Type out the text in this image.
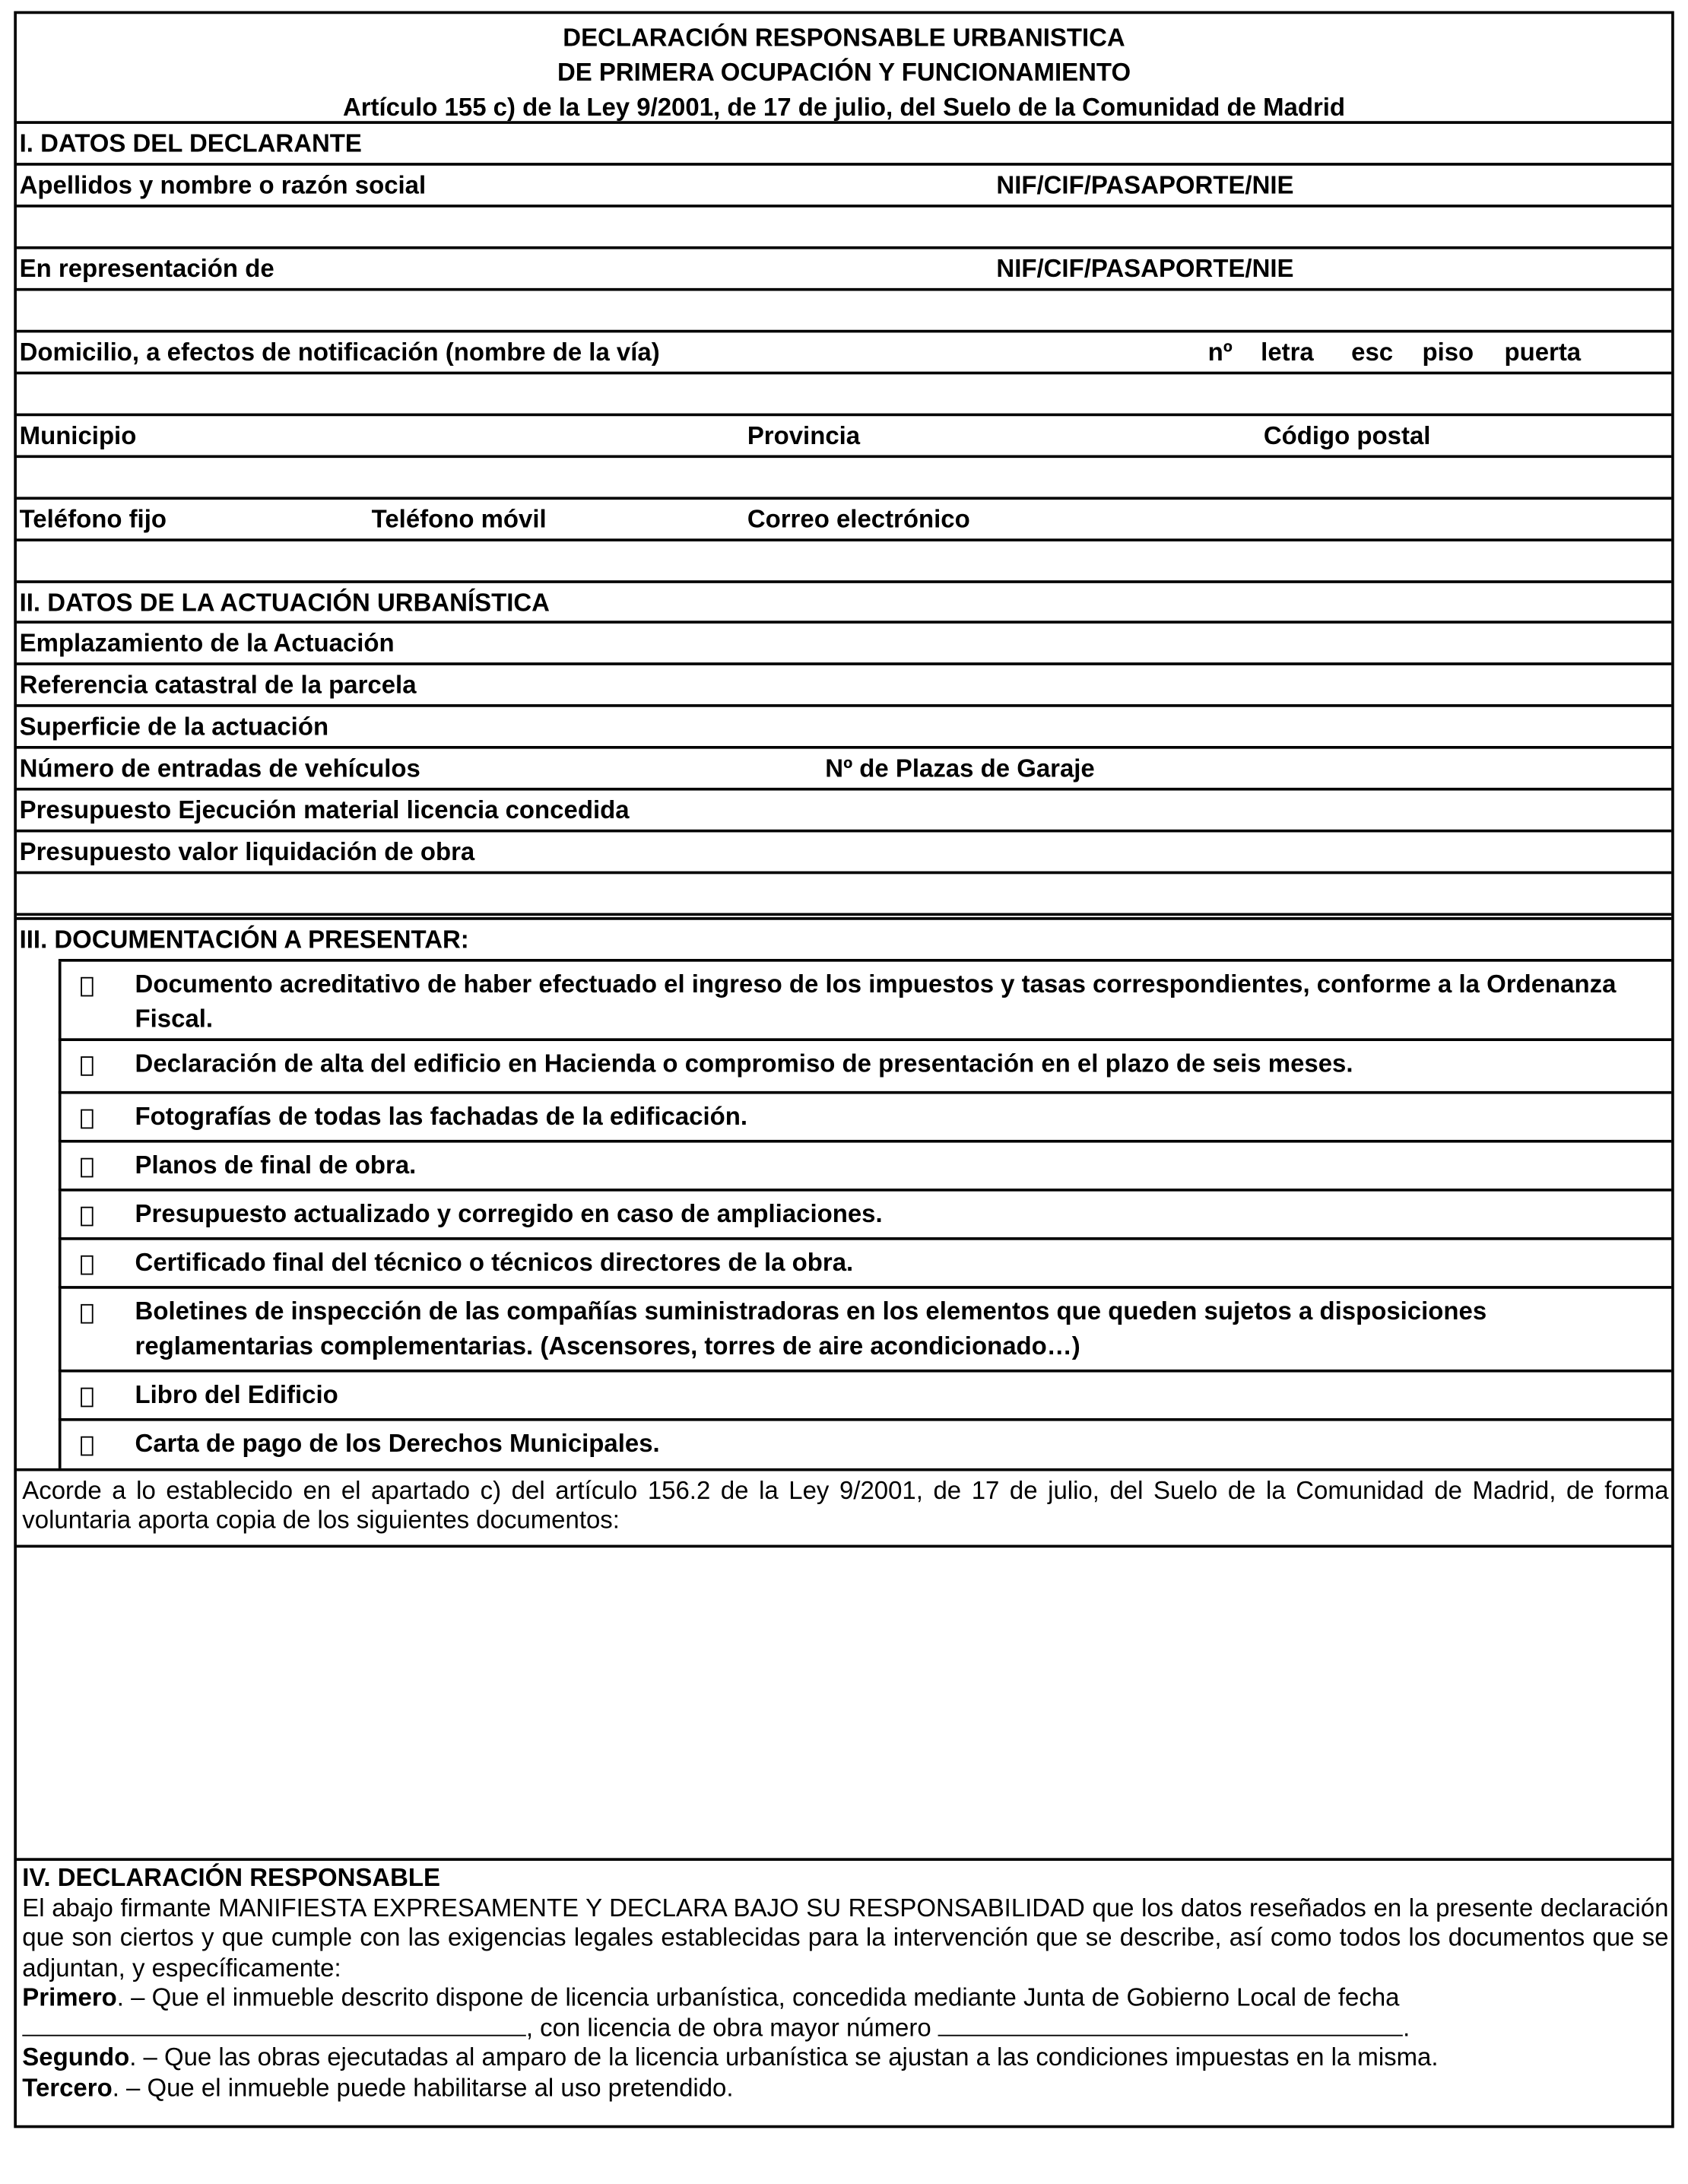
DECLARACIÓN RESPONSABLE URBANISTICA
DE PRIMERA OCUPACIÓN Y FUNCIONAMIENTO
Artículo 155 c) de la Ley 9/2001, de 17 de julio, del Suelo de la Comunidad de Madrid
I. DATOS DEL DECLARANTE
Apellidos y nombre o razón social	NIF/CIF/PASAPORTE/NIE
En representación de	NIF/CIF/PASAPORTE/NIE
Domicilio, a efectos de notificación (nombre de la vía)	nº letra	esc piso puerta
Municipio	Provincia	Código postal
Teléfono fijo	Teléfono móvil	Correo electrónico
II. DATOS DE LA ACTUACIÓN URBANÍSTICA
Emplazamiento de la Actuación
Referencia catastral de la parcela
Superficie de la actuación
Número de entradas de vehículos	Nº de Plazas de Garaje
Presupuesto Ejecución material licencia concedida
Presupuesto valor liquidación de obra
III. DOCUMENTACIÓN A PRESENTAR:
Documento acreditativo de haber efectuado el ingreso de los impuestos y tasas correspondientes, conforme a la Ordenanza Fiscal.
Declaración de alta del edificio en Hacienda o compromiso de presentación en el plazo de seis meses.
Fotografías de todas las fachadas de la edificación.
Planos de final de obra.
Presupuesto actualizado y corregido en caso de ampliaciones.
Certificado final del técnico o técnicos directores de la obra.
Boletines de inspección de las compañías suministradoras en los elementos que queden sujetos a disposiciones reglamentarias complementarias. (Ascensores, torres de aire acondicionado…)
Libro del Edificio
Carta de pago de los Derechos Municipales.
Acorde a lo establecido en el apartado c) del artículo 156.2 de la Ley 9/2001, de 17 de julio, del Suelo de la Comunidad de Madrid, de forma voluntaria aporta copia de los siguientes documentos:
IV. DECLARACIÓN RESPONSABLE
El abajo firmante MANIFIESTA EXPRESAMENTE Y DECLARA BAJO SU RESPONSABILIDAD que los datos reseñados en la presente declaración que son ciertos y que cumple con las exigencias legales establecidas para la intervención que se describe, así como todos los documentos que se adjuntan, y específicamente:
Primero. – Que el inmueble descrito dispone de licencia urbanística, concedida mediante Junta de Gobierno Local de fecha
, con licencia de obra mayor número	.
Segundo. – Que las obras ejecutadas al amparo de la licencia urbanística se ajustan a las condiciones impuestas en la misma.
Tercero. – Que el inmueble puede habilitarse al uso pretendido.
